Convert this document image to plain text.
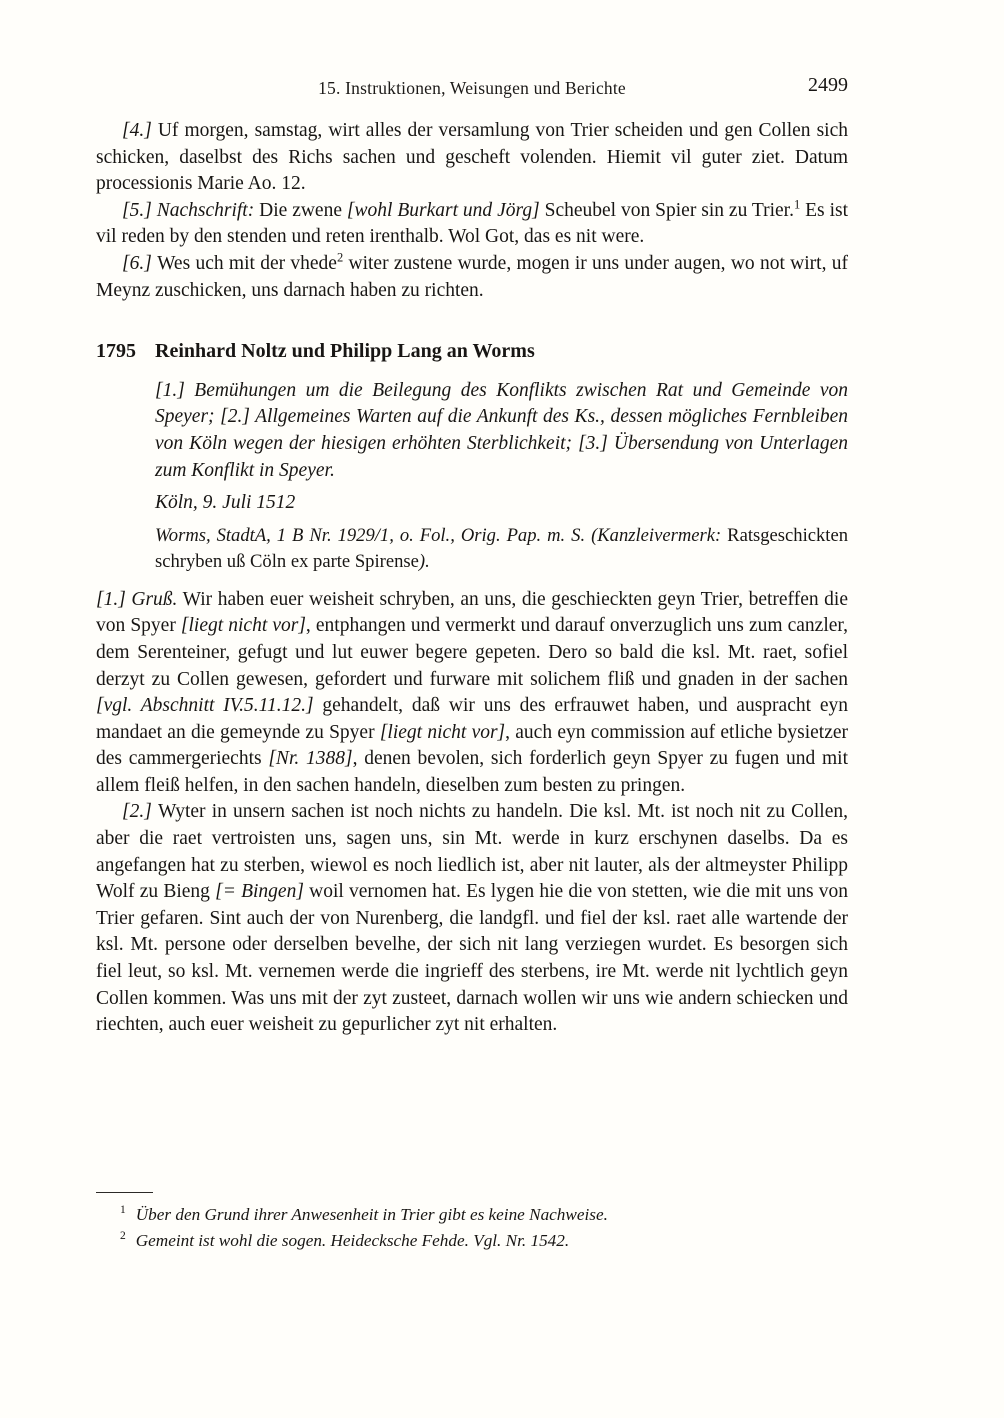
15. Instruktionen, Weisungen und Berichte	2499

[4.] Uf morgen, samstag, wirt alles der versamlung von Trier scheiden und gen Collen sich schicken, daselbst des Richs sachen und gescheft volenden. Hiemit vil guter ziet. Datum processionis Marie Ao. 12.

[5.] Nachschrift: Die zwene [wohl Burkart und Jörg] Scheubel von Spier sin zu Trier.$^1$ Es ist vil reden by den stenden und reten irenthalb. Wol Got, das es nit were.

[6.] Wes uch mit der vhede$^2$ witer zustene wurde, mogen ir uns under augen, wo not wirt, uf Meynz zuschicken, uns darnach haben zu richten.

1795 Reinhard Noltz und Philipp Lang an Worms

[1.] Bemühungen um die Beilegung des Konflikts zwischen Rat und Gemeinde von Speyer; [2.] Allgemeines Warten auf die Ankunft des Ks., dessen mögliches Fernbleiben von Köln wegen der hiesigen erhöhten Sterblichkeit; [3.] Übersendung von Unterlagen zum Konflikt in Speyer.

Köln, 9. Juli 1512

Worms, StadtA, 1 B Nr. 1929/1, o. Fol., Orig. Pap. m. S. (Kanzleivermerk: Ratsgeschickten schryben uß Cöln ex parte Spirense).

[1.] Gruß. Wir haben euer weisheit schryben, an uns, die geschieckten geyn Trier, betreffen die von Spyer [liegt nicht vor], entphangen und vermerkt und darauf onverzuglich uns zum canzler, dem Serenteiner, gefugt und lut euwer begere gepeten. Dero so bald die ksl. Mt. raet, sofiel derzyt zu Collen gewesen, gefordert und furware mit solichem fliß und gnaden in der sachen [vgl. Abschnitt IV.5.11.12.] gehandelt, daß wir uns des erfrauwet haben, und auspracht eyn mandaet an die gemeynde zu Spyer [liegt nicht vor], auch eyn commission auf etliche bysietzer des cammergeriechts [Nr. 1388], denen bevolen, sich forderlich geyn Spyer zu fugen und mit allem fleiß helfen, in den sachen handeln, dieselben zum besten zu pringen.

[2.] Wyter in unsern sachen ist noch nichts zu handeln. Die ksl. Mt. ist noch nit zu Collen, aber die raet vertroisten uns, sagen uns, sin Mt. werde in kurz erschynen daselbs. Da es angefangen hat zu sterben, wiewol es noch liedlich ist, aber nit lauter, als der altmeyster Philipp Wolf zu Bieng [= Bingen] woil vernomen hat. Es lygen hie die von stetten, wie die mit uns von Trier gefaren. Sint auch der von Nurenberg, die landgfl. und fiel der ksl. raet alle wartende der ksl. Mt. persone oder derselben bevelhe, der sich nit lang verziegen wurdet. Es besorgen sich fiel leut, so ksl. Mt. vernemen werde die ingrieff des sterbens, ire Mt. werde nit lychtlich geyn Collen kommen. Was uns mit der zyt zusteet, darnach wollen wir uns wie andern schiecken und riechten, auch euer weisheit zu gepurlicher zyt nit erhalten.

$^1$ Über den Grund ihrer Anwesenheit in Trier gibt es keine Nachweise.

$^2$ Gemeint ist wohl die sogen. Heidecksche Fehde. Vgl. Nr. 1542.
